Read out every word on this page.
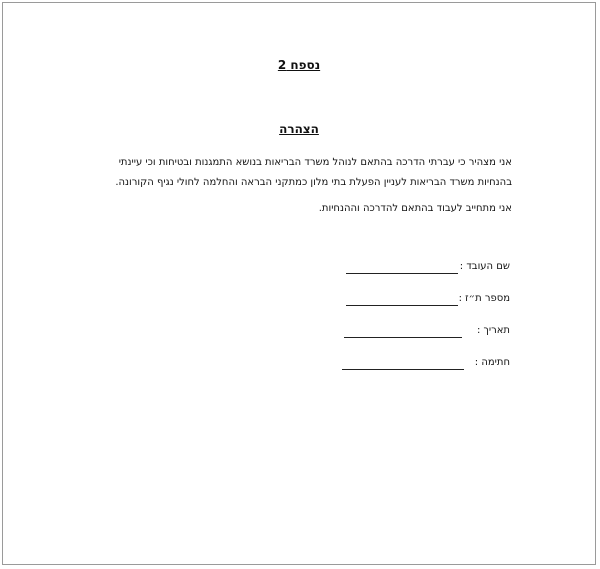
נספח 2
הצהרה
אני מצהיר כי עברתי הדרכה בהתאם לנוהל משרד הבריאות בנושא התמגנות ובטיחות וכי עיינתי בהנחיות משרד הבריאות לעניין הפעלת בתי מלון כמתקני הבראה והחלמה לחולי נגיף הקורונה.
אני מתחייב לעבוד בהתאם להדרכה וההנחיות.
שם העובד :
מספר ת״ז :
תאריך :
חתימה :
